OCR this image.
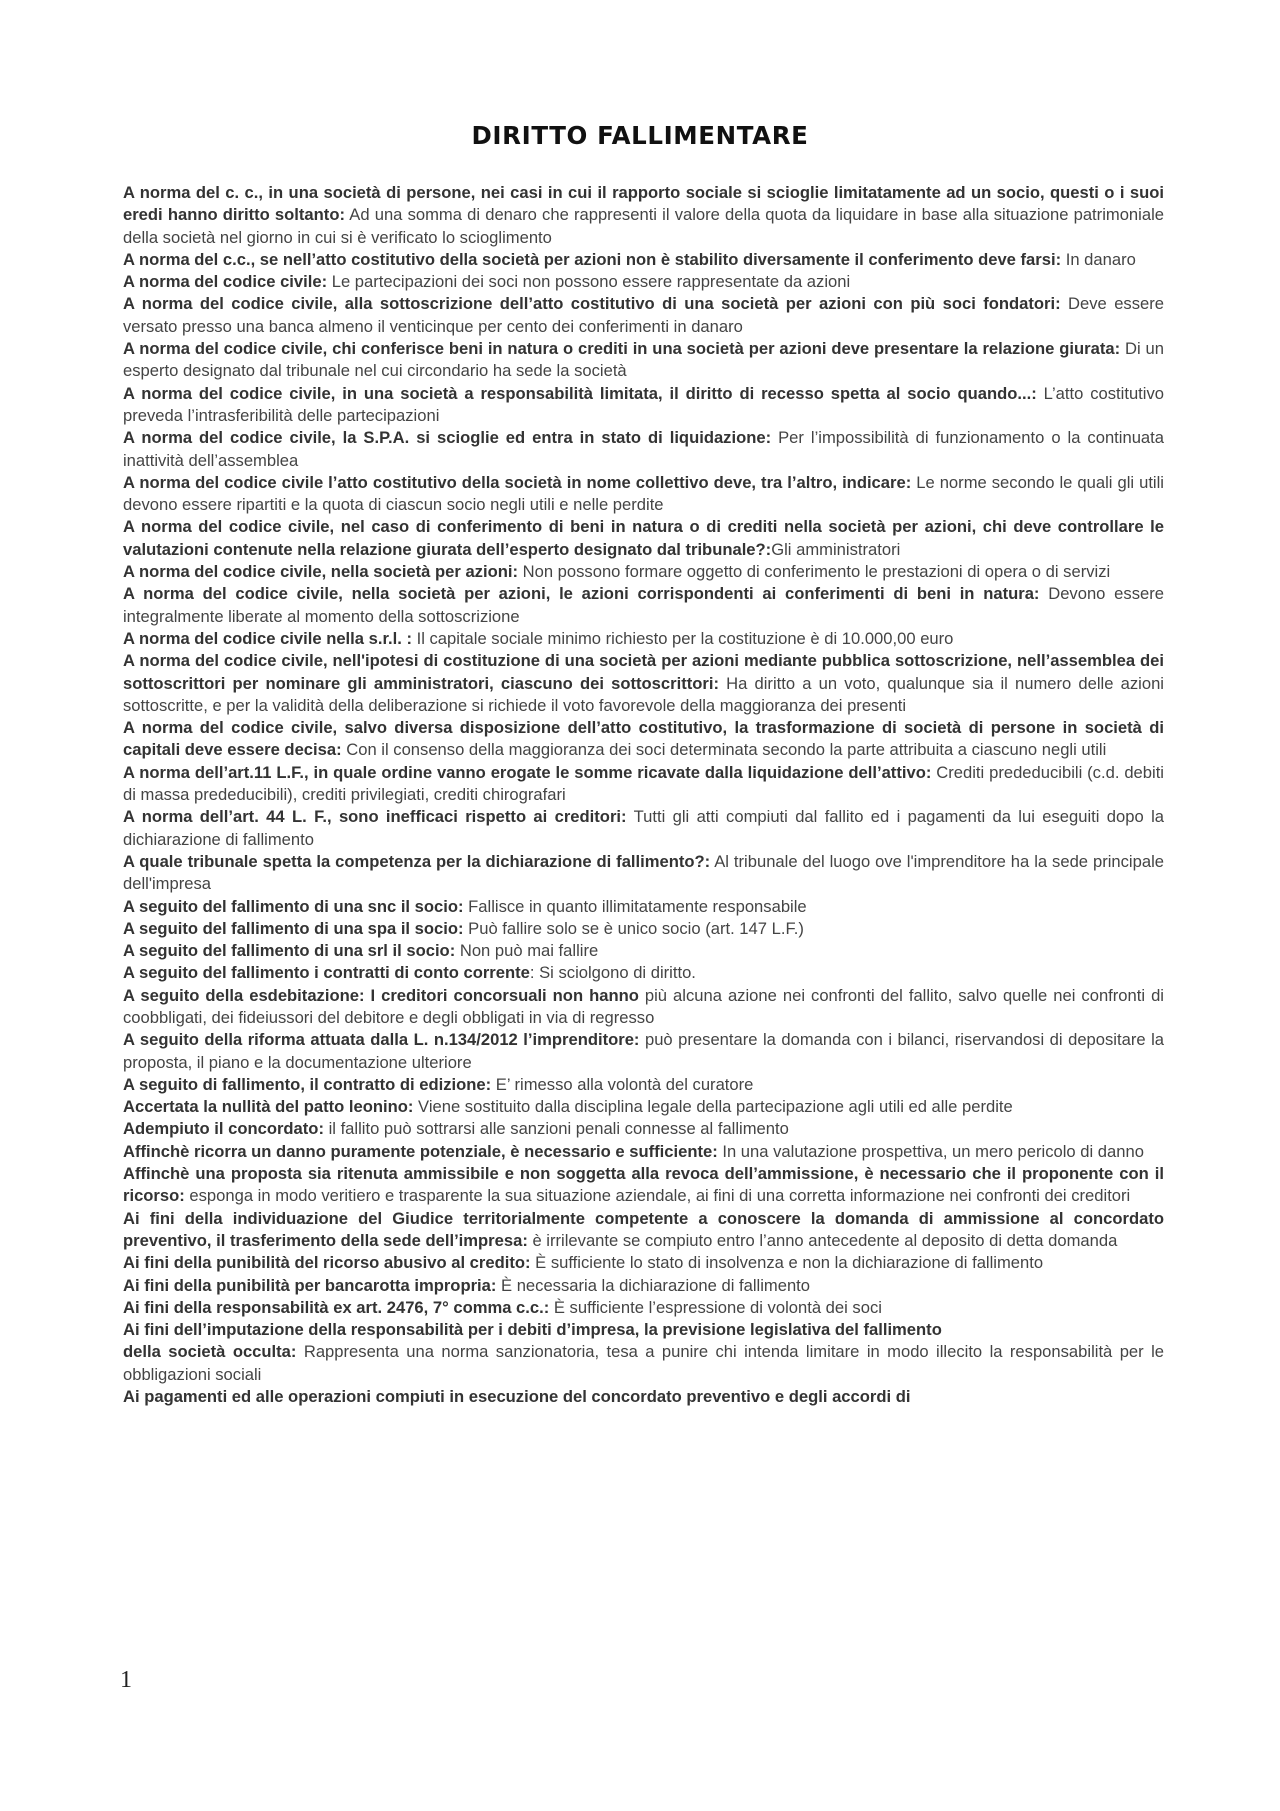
DIRITTO FALLIMENTARE

A norma del c. c., in una società di persone, nei casi in cui il rapporto sociale si scioglie limitatamente ad un socio, questi o i suoi eredi hanno diritto soltanto: Ad una somma di denaro che rappresenti il valore della quota da liquidare in base alla situazione patrimoniale della società nel giorno in cui si è verificato lo scioglimento

A norma del c.c., se nell’atto costitutivo della società per azioni non è stabilito diversamente il conferimento deve farsi: In danaro

A norma del codice civile: Le partecipazioni dei soci non possono essere rappresentate da azioni

A norma del codice civile, alla sottoscrizione dell’atto costitutivo di una società per azioni con più soci fondatori: Deve essere versato presso una banca almeno il venticinque per cento dei conferimenti in danaro

A norma del codice civile, chi conferisce beni in natura o crediti in una società per azioni deve presentare la relazione giurata: Di un esperto designato dal tribunale nel cui circondario ha sede la società

A norma del codice civile, in una società a responsabilità limitata, il diritto di recesso spetta al socio quando...: L’atto costitutivo preveda l’intrasferibilità delle partecipazioni

A norma del codice civile, la S.P.A. si scioglie ed entra in stato di liquidazione: Per l’impossibilità di funzionamento o la continuata inattività dell’assemblea

A norma del codice civile l’atto costitutivo della società in nome collettivo deve, tra l’altro, indicare: Le norme secondo le quali gli utili devono essere ripartiti e la quota di ciascun socio negli utili e nelle perdite

A norma del codice civile, nel caso di conferimento di beni in natura o di crediti nella società per azioni, chi deve controllare le valutazioni contenute nella relazione giurata dell’esperto designato dal tribunale?:Gli amministratori

A norma del codice civile, nella società per azioni: Non possono formare oggetto di conferimento le prestazioni di opera o di servizi

A norma del codice civile, nella società per azioni, le azioni corrispondenti ai conferimenti di beni in natura: Devono essere integralmente liberate al momento della sottoscrizione

A norma del codice civile nella s.r.l. : Il capitale sociale minimo richiesto per la costituzione è di 10.000,00 euro

A norma del codice civile, nell'ipotesi di costituzione di una società per azioni mediante pubblica sottoscrizione, nell’assemblea dei sottoscrittori per nominare gli amministratori, ciascuno dei sottoscrittori: Ha diritto a un voto, qualunque sia il numero delle azioni sottoscritte, e per la validità della deliberazione si richiede il voto favorevole della maggioranza dei presenti

A norma del codice civile, salvo diversa disposizione dell’atto costitutivo, la trasformazione di società di persone in società di capitali deve essere decisa: Con il consenso della maggioranza dei soci determinata secondo la parte attribuita a ciascuno negli utili

A norma dell’art.11 L.F., in quale ordine vanno erogate le somme ricavate dalla liquidazione dell’attivo: Crediti prededucibili (c.d. debiti di massa prededucibili), crediti privilegiati, crediti chirografari

A norma dell’art. 44 L. F., sono inefficaci rispetto ai creditori: Tutti gli atti compiuti dal fallito ed i pagamenti da lui eseguiti dopo la dichiarazione di fallimento

A quale tribunale spetta la competenza per la dichiarazione di fallimento?: Al tribunale del luogo ove l'imprenditore ha la sede principale dell'impresa

A seguito del fallimento di una snc il socio: Fallisce in quanto illimitatamente responsabile

A seguito del fallimento di una spa il socio: Può fallire solo se è unico socio (art. 147 L.F.)

A seguito del fallimento di una srl il socio: Non può mai fallire

A seguito del fallimento i contratti di conto corrente: Si sciolgono di diritto.

A seguito della esdebitazione: I creditori concorsuali non hanno più alcuna azione nei confronti del fallito, salvo quelle nei confronti di coobbligati, dei fideiussori del debitore e degli obbligati in via di regresso

A seguito della riforma attuata dalla L. n.134/2012 l’imprenditore: può presentare la domanda con i bilanci, riservandosi di depositare la proposta, il piano e la documentazione ulteriore

A seguito di fallimento, il contratto di edizione: E’ rimesso alla volontà del curatore

Accertata la nullità del patto leonino: Viene sostituito dalla disciplina legale della partecipazione agli utili ed alle perdite

Adempiuto il concordato: il fallito può sottrarsi alle sanzioni penali connesse al fallimento

Affinchè ricorra un danno puramente potenziale, è necessario e sufficiente: In una valutazione prospettiva, un mero pericolo di danno

Affinchè una proposta sia ritenuta ammissibile e non soggetta alla revoca dell’ammissione, è necessario che il proponente con il ricorso: esponga in modo veritiero e trasparente la sua situazione aziendale, ai fini di una corretta informazione nei confronti dei creditori

Ai fini della individuazione del Giudice territorialmente competente a conoscere la domanda di ammissione al concordato preventivo, il trasferimento della sede dell’impresa: è irrilevante se compiuto entro l’anno antecedente al deposito di detta domanda

Ai fini della punibilità del ricorso abusivo al credito: È sufficiente lo stato di insolvenza e non la dichiarazione di fallimento

Ai fini della punibilità per bancarotta impropria: È necessaria la dichiarazione di fallimento

Ai fini della responsabilità ex art. 2476, 7° comma c.c.: È sufficiente l’espressione di volontà dei soci

Ai fini dell’imputazione della responsabilità per i debiti d’impresa, la previsione legislativa del fallimento

della società occulta: Rappresenta una norma sanzionatoria, tesa a punire chi intenda limitare in modo illecito la responsabilità per le obbligazioni sociali

Ai pagamenti ed alle operazioni compiuti in esecuzione del concordato preventivo e degli accordi di

1
